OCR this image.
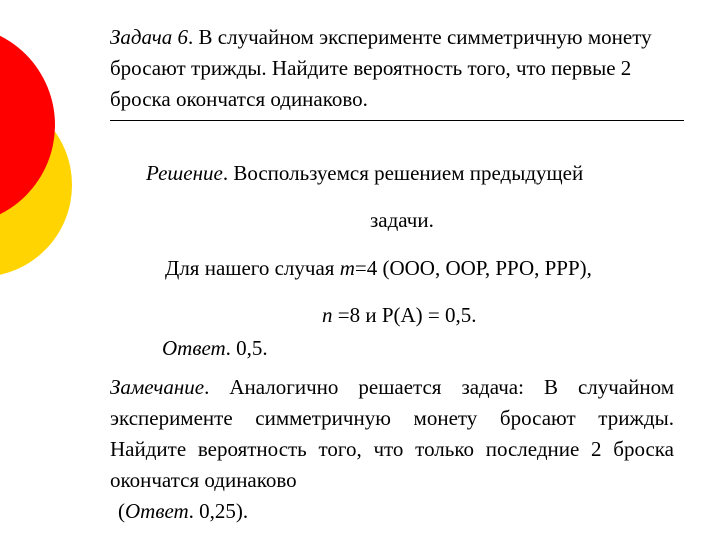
Задача 6. В случайном эксперименте симметричную монету бросают трижды. Найдите вероятность того, что первые 2 броска окончатся одинаково.
Решение. Воспользуемся решением предыдущей
задачи.
Для нашего случая m=4 (ООО, ООР, РРО, РРР),
n =8 и Р(А) = 0,5.
Ответ. 0,5.
Замечание. Аналогично решается задача: В случайном эксперименте симметричную монету бросают трижды. Найдите вероятность того, что только последние 2 броска окончатся одинаково
(Ответ. 0,25).
